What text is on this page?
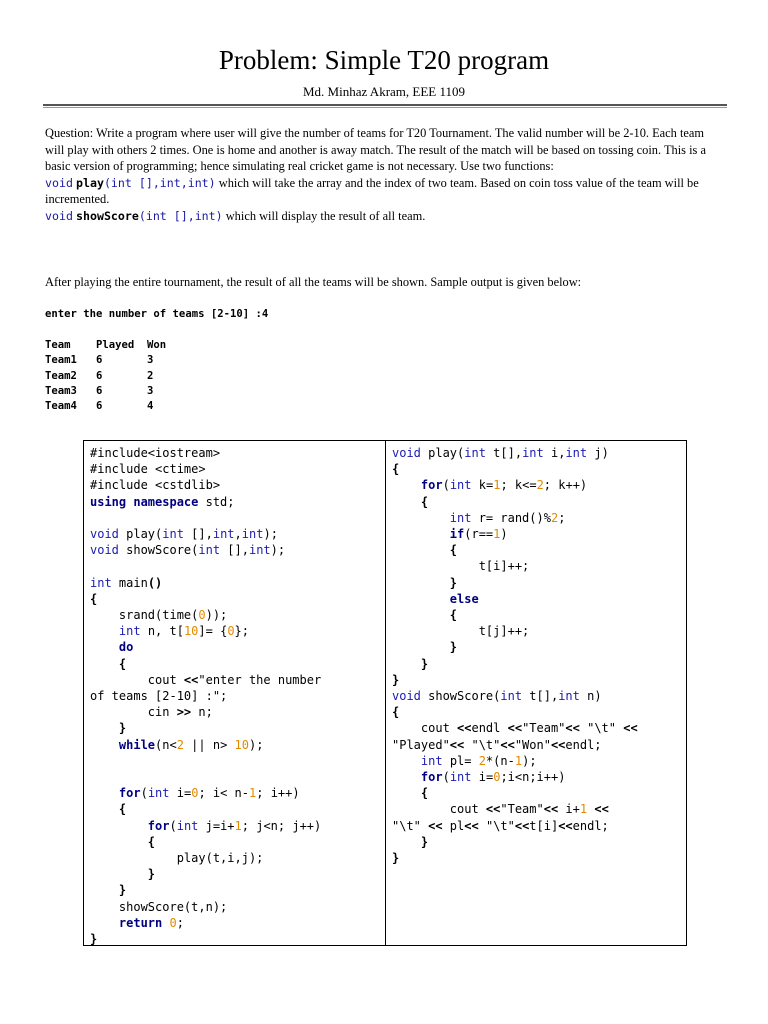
Problem: Simple T20 program
Md. Minhaz Akram, EEE 1109
Question: Write a program where user will give the number of teams for T20 Tournament. The valid number will be 2-10. Each team will play with others 2 times. One is home and another is away match. The result of the match will be based on tossing coin. This is a basic version of programming; hence simulating real cricket game is not necessary. Use two functions:
void play(int [],int,int) which will take the array and the index of two team. Based on coin toss value of the team will be incremented.
void showScore(int [],int) which will display the result of all team.
After playing the entire tournament, the result of all the teams will be shown. Sample output is given below:
enter the number of teams [2-10] :4

Team    Played  Won
Team1   6       3
Team2   6       2
Team3   6       3
Team4   6       4
#include<iostream>
#include <ctime>
#include <cstdlib>
using namespace std;

void play(int [],int,int);
void showScore(int [],int);

int main()
{
srand(time(0));
int n, t[10]= {0};
do
{
cout <<"enter the number
of teams [2-10] :";
cin >> n;
}
while(n<2 || n> 10);

for(int i=0; i< n-1; i++)
{
for(int j=i+1; j<n; j++)
{
play(t,i,j);
}
}
showScore(t,n);
return 0;
}

void play(int t[],int i,int j)
{
for(int k=1; k<=2; k++)
{
int r= rand()%2;
if(r==1)
{
t[i]++;
}
else
{
t[j]++;
}
}
}
void showScore(int t[],int n)
{
cout <<endl <<"Team"<< "\t" <<
"Played"<< "\t"<<"Won"<<endl;
int pl= 2*(n-1);
for(int i=0;i<n;i++)
{
cout <<"Team"<< i+1 <<
"\t" << pl<< "\t"<<t[i]<<endl;
}
}
